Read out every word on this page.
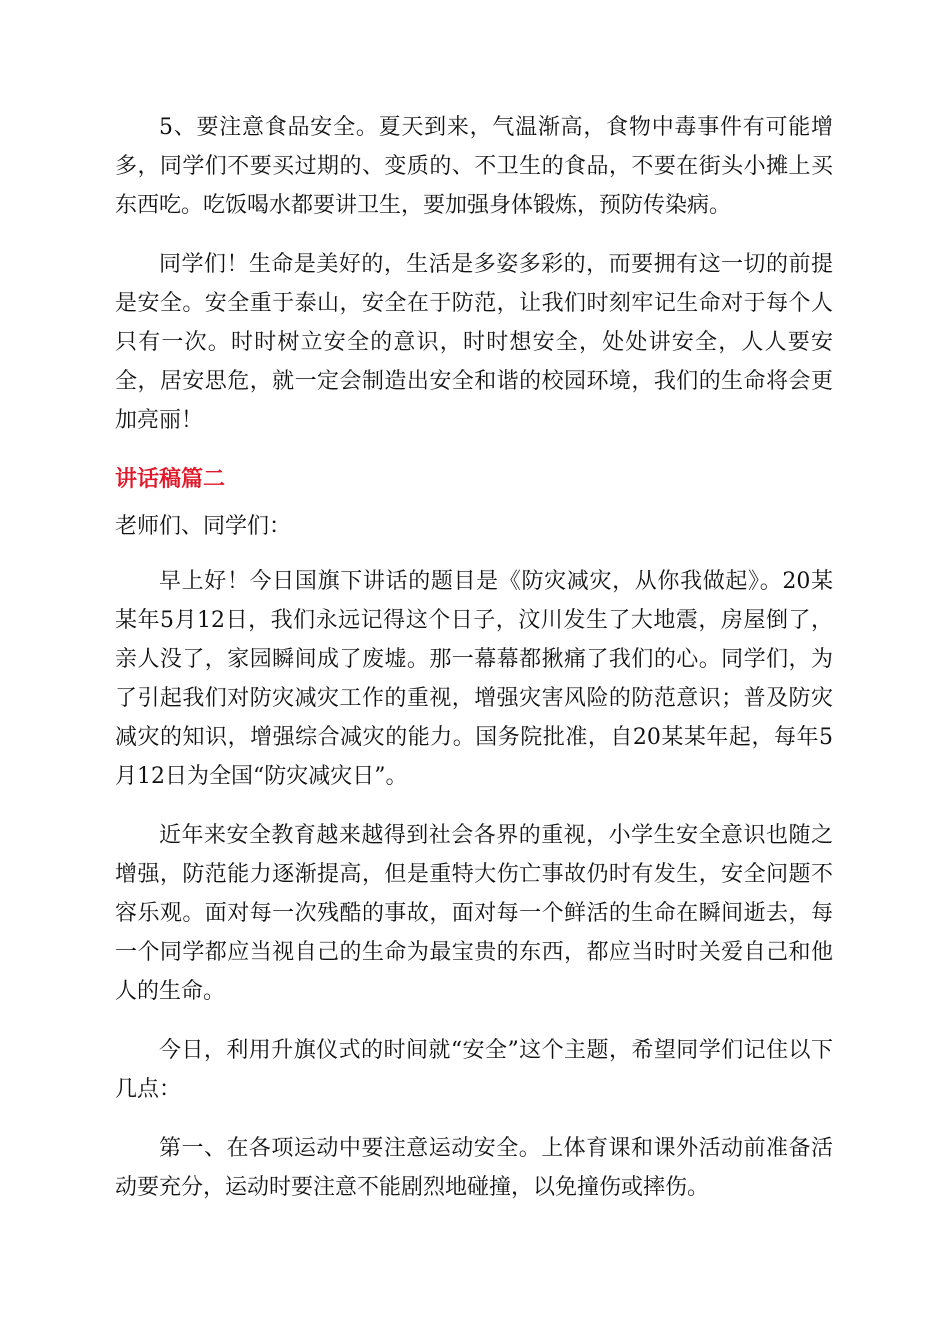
5、要注意食品安全。夏天到来，气温渐高，食物中毒事件有可能增多，同学们不要买过期的、变质的、不卫生的食品，不要在街头小摊上买东西吃。吃饭喝水都要讲卫生，要加强身体锻炼，预防传染病。

同学们！生命是美好的，生活是多姿多彩的，而要拥有这一切的前提是安全。安全重于泰山，安全在于防范，让我们时刻牢记生命对于每个人只有一次。时时树立安全的意识，时时想安全，处处讲安全，人人要安全，居安思危，就一定会制造出安全和谐的校园环境，我们的生命将会更加亮丽！

讲话稿篇二

老师们、同学们：

早上好！今日国旗下讲话的题目是《防灾减灾，从你我做起》。20某某年5月12日，我们永远记得这个日子，汶川发生了大地震，房屋倒了，亲人没了，家园瞬间成了废墟。那一幕幕都揪痛了我们的心。同学们，为了引起我们对防灾减灾工作的重视，增强灾害风险的防范意识；普及防灾减灾的知识，增强综合减灾的能力。国务院批准，自20某某年起，每年5月12日为全国“防灾减灾日”。

近年来安全教育越来越得到社会各界的重视，小学生安全意识也随之增强，防范能力逐渐提高，但是重特大伤亡事故仍时有发生，安全问题不容乐观。面对每一次残酷的事故，面对每一个鲜活的生命在瞬间逝去，每一个同学都应当视自己的生命为最宝贵的东西，都应当时时关爱自己和他人的生命。

今日，利用升旗仪式的时间就“安全”这个主题，希望同学们记住以下几点：

第一、在各项运动中要注意运动安全。上体育课和课外活动前准备活动要充分，运动时要注意不能剧烈地碰撞，以免撞伤或摔伤。
